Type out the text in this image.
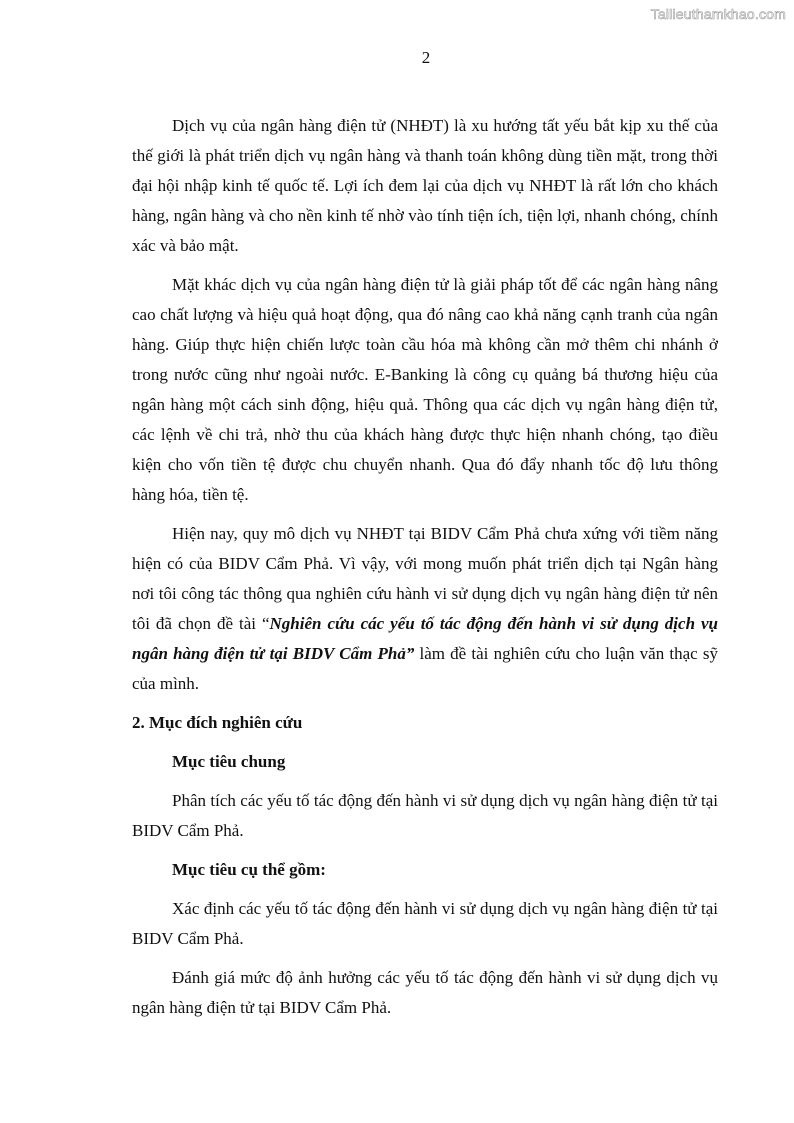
Tailieuthamkhao.com
2

Dịch vụ của ngân hàng điện tử (NHĐT) là xu hướng tất yếu bắt kịp xu thế của thế giới là phát triển dịch vụ ngân hàng và thanh toán không dùng tiền mặt, trong thời đại hội nhập kinh tế quốc tế. Lợi ích đem lại của dịch vụ NHĐT là rất lớn cho khách hàng, ngân hàng và cho nền kinh tế nhờ vào tính tiện ích, tiện lợi, nhanh chóng, chính xác và bảo mật.

Mặt khác dịch vụ của ngân hàng điện tử là giải pháp tốt để các ngân hàng nâng cao chất lượng và hiệu quả hoạt động, qua đó nâng cao khả năng cạnh tranh của ngân hàng. Giúp thực hiện chiến lược toàn cầu hóa mà không cần mở thêm chi nhánh ở trong nước cũng như ngoài nước. E-Banking là công cụ quảng bá thương hiệu của ngân hàng một cách sinh động, hiệu quả. Thông qua các dịch vụ ngân hàng điện tử, các lệnh về chi trả, nhờ thu của khách hàng được thực hiện nhanh chóng, tạo điều kiện cho vốn tiền tệ được chu chuyển nhanh. Qua đó đẩy nhanh tốc độ lưu thông hàng hóa, tiền tệ.

Hiện nay, quy mô dịch vụ NHĐT tại BIDV Cẩm Phả chưa xứng với tiềm năng hiện có của BIDV Cẩm Phả. Vì vậy, với mong muốn phát triển dịch tại Ngân hàng nơi tôi công tác thông qua nghiên cứu hành vi sử dụng dịch vụ ngân hàng điện tử nên tôi đã chọn đề tài “Nghiên cứu các yếu tố tác động đến hành vi sử dụng dịch vụ ngân hàng điện tử tại BIDV Cẩm Phả” làm đề tài nghiên cứu cho luận văn thạc sỹ của mình.

2. Mục đích nghiên cứu

Mục tiêu chung

Phân tích các yếu tố tác động đến hành vi sử dụng dịch vụ ngân hàng điện tử tại BIDV Cẩm Phả.

Mục tiêu cụ thể gồm:

Xác định các yếu tố tác động đến hành vi sử dụng dịch vụ ngân hàng điện tử tại BIDV Cẩm Phả.

Đánh giá mức độ ảnh hưởng các yếu tố tác động đến hành vi sử dụng dịch vụ ngân hàng điện tử tại BIDV Cẩm Phả.
